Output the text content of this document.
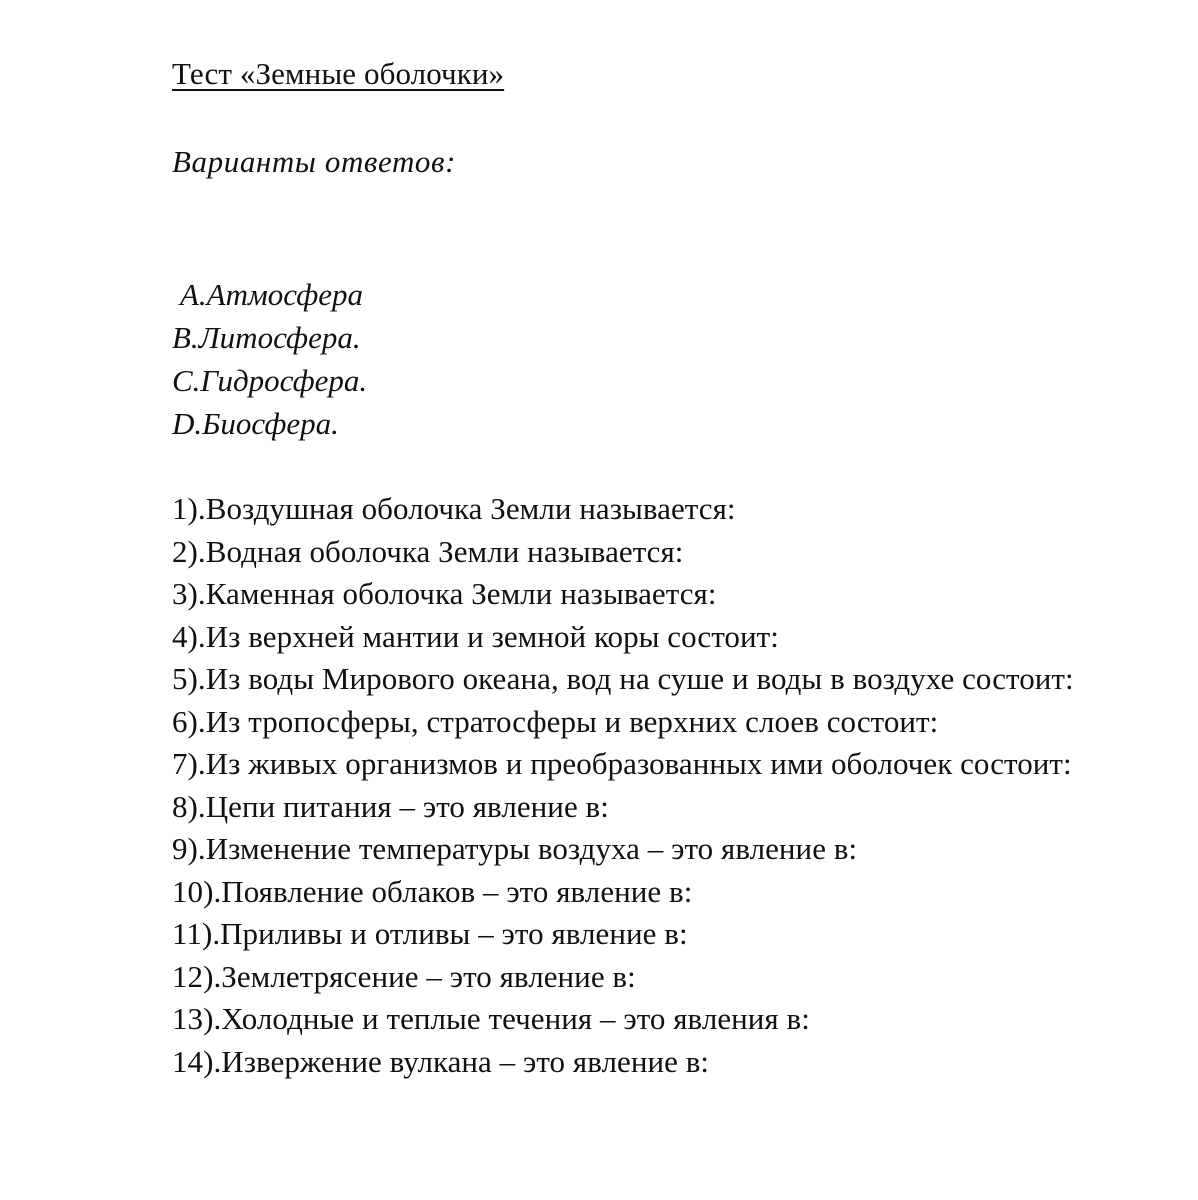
Тест «Земные оболочки»

Варианты ответов:

А.Атмосфера
В.Литосфера.
С.Гидросфера.
D.Биосфера.
1).Воздушная оболочка Земли называется:
2).Водная оболочка Земли называется:
3).Каменная оболочка Земли называется:
4).Из верхней мантии и земной коры состоит:
5).Из воды Мирового океана, вод на суше и воды в воздухе состоит:
6).Из тропосферы, стратосферы и верхних слоев состоит:
7).Из живых организмов и преобразованных ими оболочек состоит:
8).Цепи питания – это явление в:
9).Изменение температуры воздуха – это явление в:
10).Появление облаков – это явление в:
11).Приливы и отливы – это явление в:
12).Землетрясение – это явление в:
13).Холодные и теплые течения – это явления в:
14).Извержение вулкана – это явление в:
